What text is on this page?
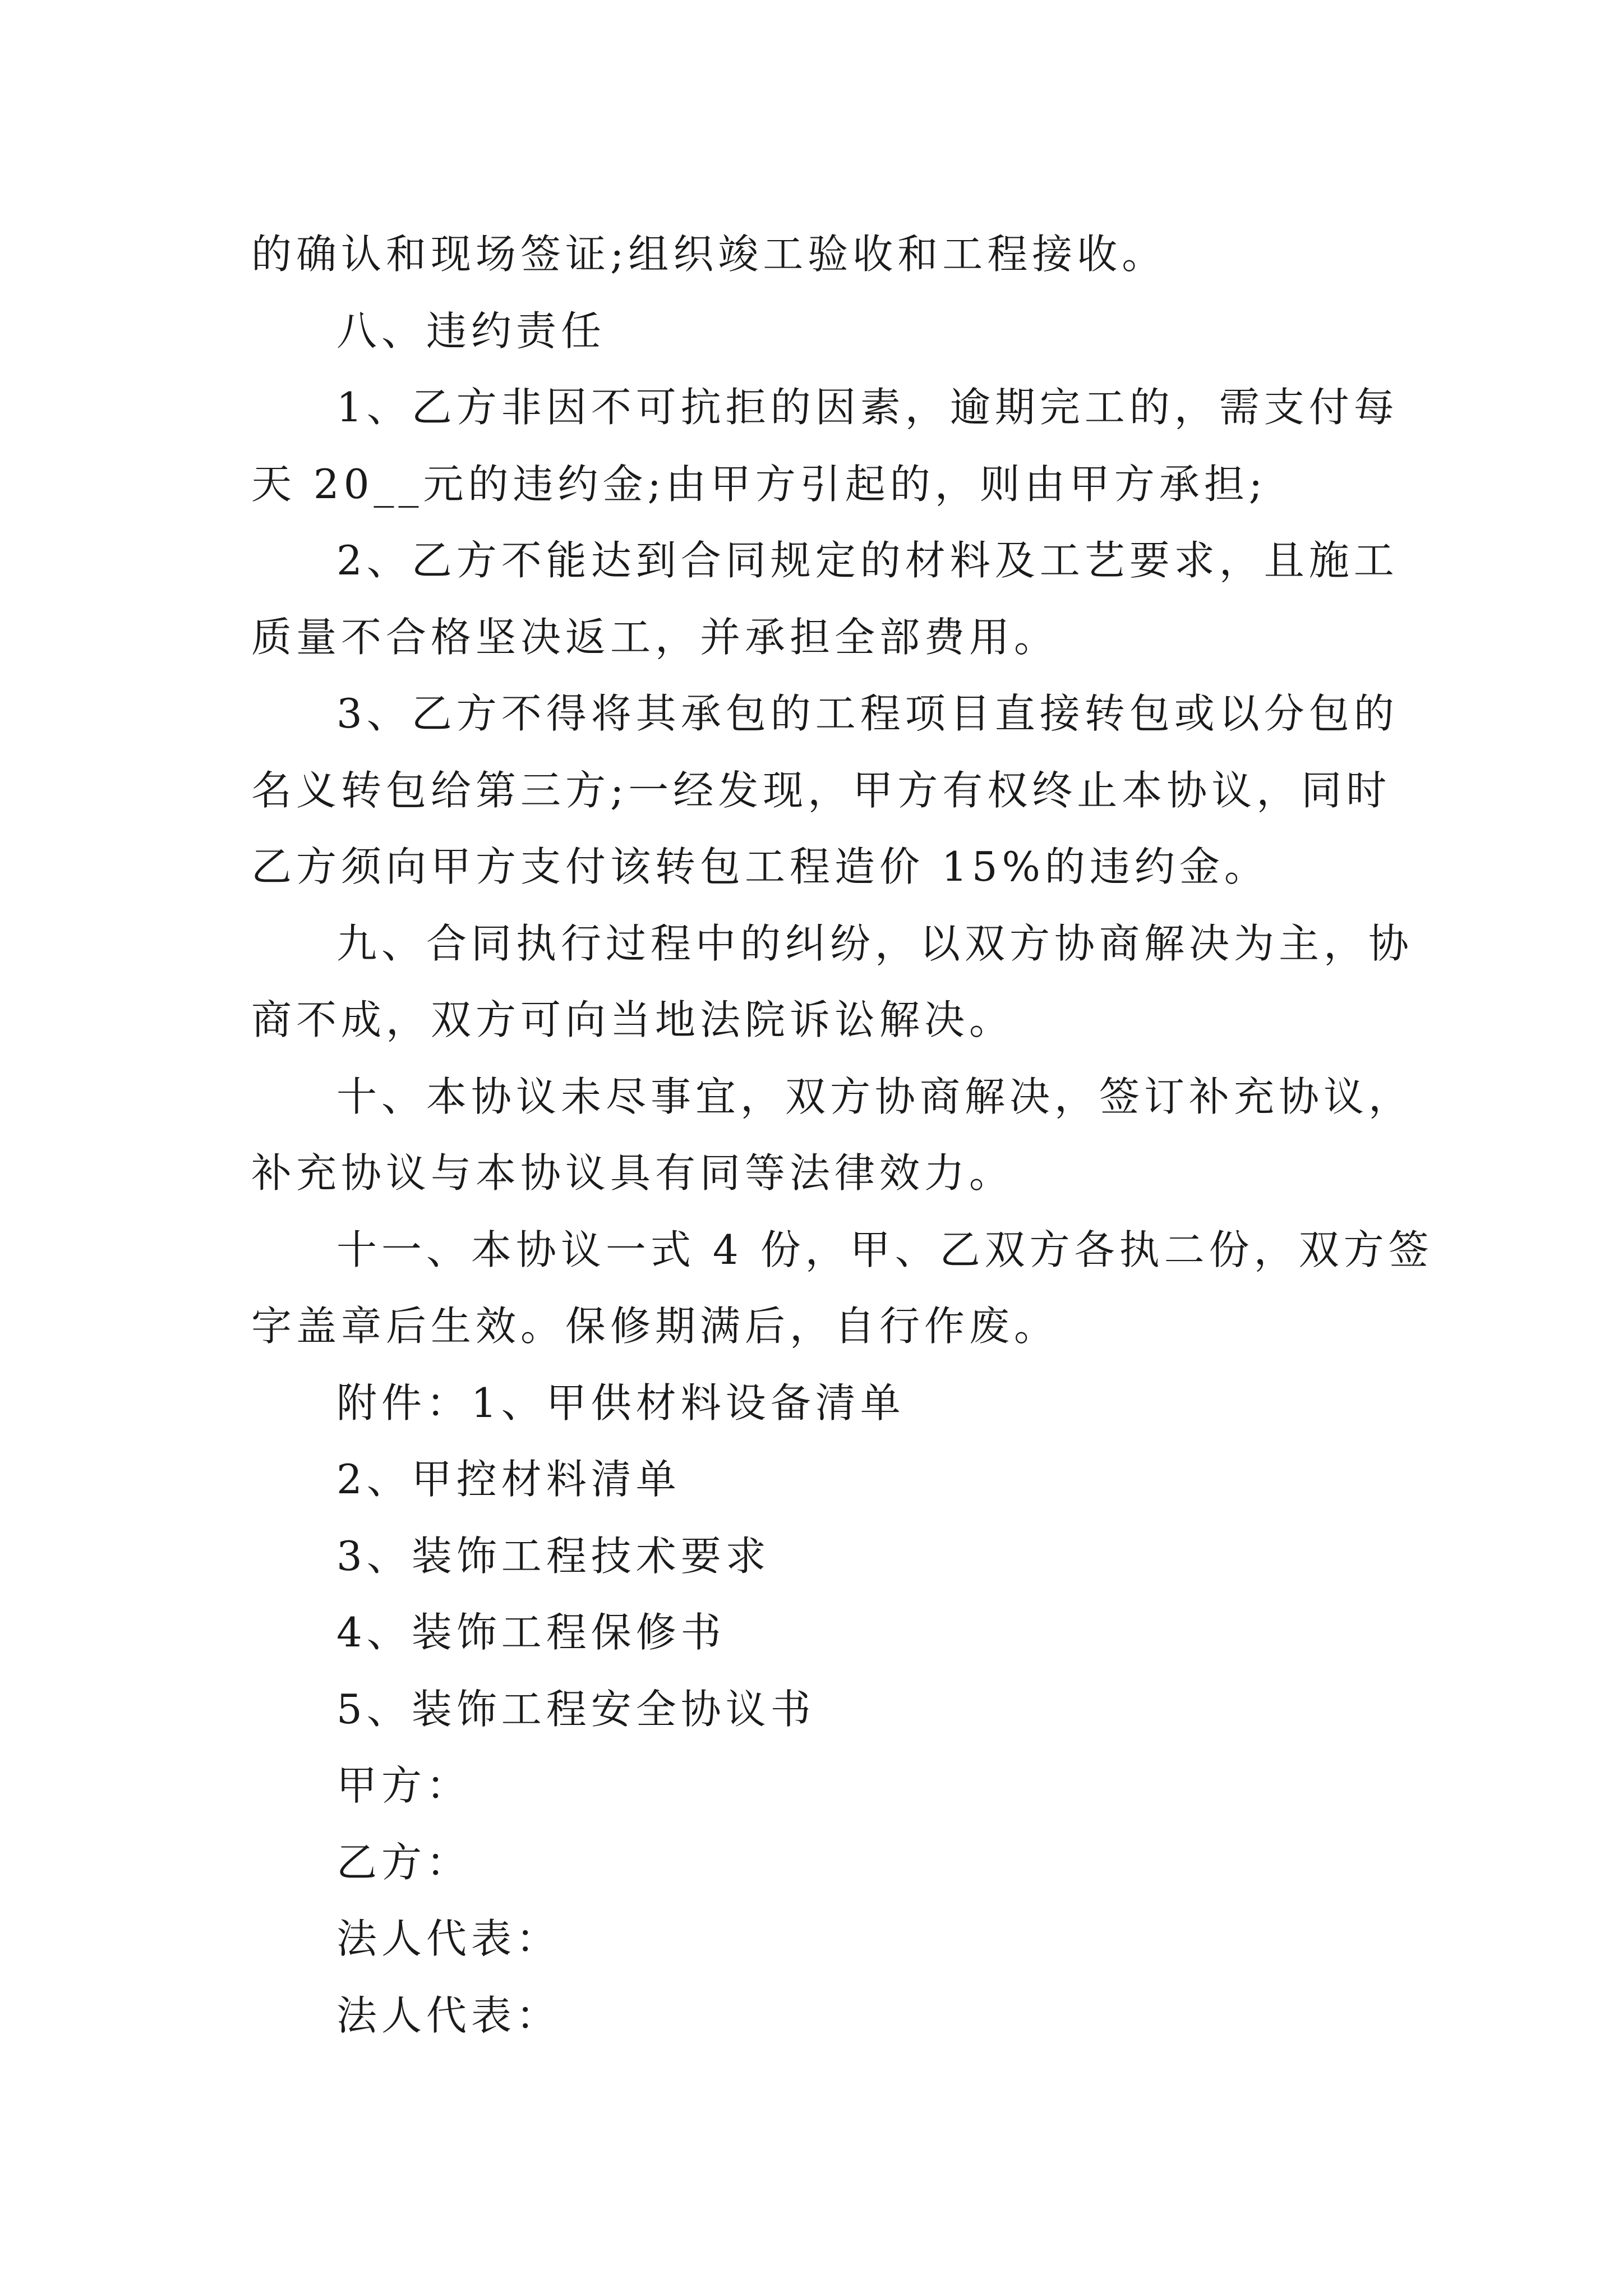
的确认和现场签证;组织竣工验收和工程接收。

八、违约责任

1、乙方非因不可抗拒的因素，逾期完工的，需支付每

天 20__元的违约金;由甲方引起的，则由甲方承担;

2、乙方不能达到合同规定的材料及工艺要求，且施工

质量不合格坚决返工，并承担全部费用。

3、乙方不得将其承包的工程项目直接转包或以分包的

名义转包给第三方;一经发现，甲方有权终止本协议，同时

乙方须向甲方支付该转包工程造价 15%的违约金。

九、合同执行过程中的纠纷，以双方协商解决为主，协

商不成，双方可向当地法院诉讼解决。

十、本协议未尽事宜，双方协商解决，签订补充协议，

补充协议与本协议具有同等法律效力。

十一、本协议一式 4 份，甲、乙双方各执二份，双方签

字盖章后生效。保修期满后，自行作废。

附件：1、甲供材料设备清单

2、甲控材料清单

3、装饰工程技术要求

4、装饰工程保修书

5、装饰工程安全协议书

甲方：

乙方：

法人代表：

法人代表：
